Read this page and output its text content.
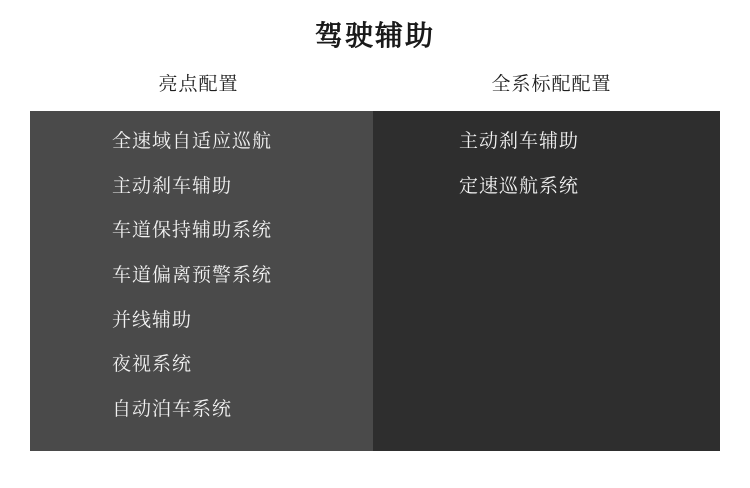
驾驶辅助
亮点配置	全系标配配置
全速域自适应巡航
主动刹车辅助
车道保持辅助系统
车道偏离预警系统
并线辅助
夜视系统
自动泊车系统
主动刹车辅助
定速巡航系统
